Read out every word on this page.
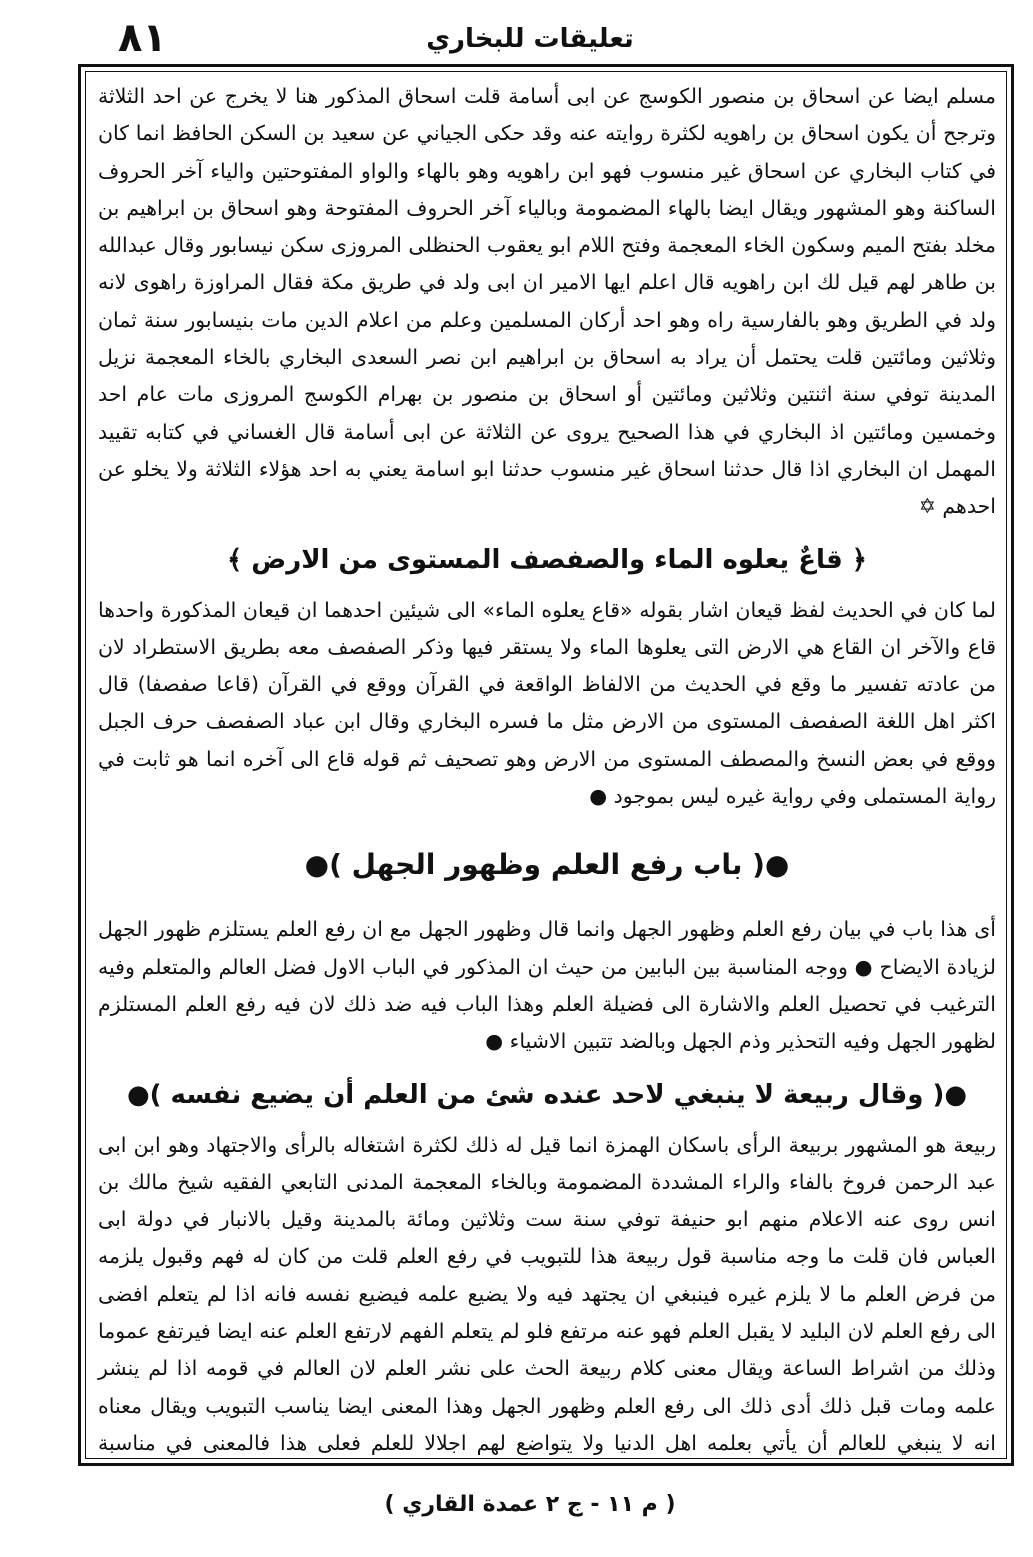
٨١	تعليقات للبخاري

مسلم ايضا عن اسحاق بن منصور الكوسج عن ابى أسامة قلت اسحاق المذكور هنا لا يخرج عن احد الثلاثة وترجح أن يكون اسحاق بن راهويه لكثرة روايته عنه وقد حكى الجياني عن سعيد بن السكن الحافظ انما كان في كتاب البخاري عن اسحاق غير منسوب فهو ابن راهويه وهو بالهاء والواو المفتوحتين والياء آخر الحروف الساكنة وهو المشهور ويقال ايضا بالهاء المضمومة وبالياء آخر الحروف المفتوحة وهو اسحاق بن ابراهيم بن مخلد بفتح الميم وسكون الخاء المعجمة وفتح اللام ابو يعقوب الحنظلى المروزى سكن نيسابور وقال عبدالله بن طاهر لهم قيل لك ابن راهويه قال اعلم ايها الامير ان ابى ولد في طريق مكة فقال المراوزة راهوى لانه ولد في الطريق وهو بالفارسية راه وهو احد أركان المسلمين وعلم من اعلام الدين مات بنيسابور سنة ثمان وثلاثين ومائتين قلت يحتمل أن يراد به اسحاق بن ابراهيم ابن نصر السعدى البخاري بالخاء المعجمة نزيل المدينة توفي سنة اثنتين وثلاثين ومائتين أو اسحاق بن منصور بن بهرام الكوسج المروزى مات عام احد وخمسين ومائتين اذ البخاري في هذا الصحيح يروى عن الثلاثة عن ابى أسامة قال الغساني في كتابه تقييد المهمل ان البخاري اذا قال حدثنا اسحاق غير منسوب حدثنا ابو اسامة يعني به احد هؤلاء الثلاثة ولا يخلو عن احدهم ✡

﴿ قاعٌ يعلوه الماء والصفصف المستوى من الارض ﴾

لما كان في الحديث لفظ قيعان اشار بقوله «قاع يعلوه الماء» الى شيئين احدهما ان قيعان المذكورة واحدها قاع والآخر ان القاع هي الارض التى يعلوها الماء ولا يستقر فيها وذكر الصفصف معه بطريق الاستطراد لان من عادته تفسير ما وقع في الحديث من الالفاظ الواقعة في القرآن ووقع في القرآن (قاعا صفصفا) قال اكثر اهل اللغة الصفصف المستوى من الارض مثل ما فسره البخاري وقال ابن عباد الصفصف حرف الجبل ووقع في بعض النسخ والمصطف المستوى من الارض وهو تصحيف ثم قوله قاع الى آخره انما هو ثابت في رواية المستملى وفي رواية غيره ليس بموجود ●

●( باب رفع العلم وظهور الجهل )●

أى هذا باب في بيان رفع العلم وظهور الجهل وانما قال وظهور الجهل مع ان رفع العلم يستلزم ظهور الجهل لزيادة الايضاح ● ووجه المناسبة بين البابين من حيث ان المذكور في الباب الاول فضل العالم والمتعلم وفيه الترغيب في تحصيل العلم والاشارة الى فضيلة العلم وهذا الباب فيه ضد ذلك لان فيه رفع العلم المستلزم لظهور الجهل وفيه التحذير وذم الجهل وبالضد تتبين الاشياء ●

●( وقال ربيعة لا ينبغي لاحد عنده شئ من العلم أن يضيع نفسه )●

ربيعة هو المشهور بربيعة الرأى باسكان الهمزة انما قيل له ذلك لكثرة اشتغاله بالرأى والاجتهاد وهو ابن ابى عبد الرحمن فروخ بالفاء والراء المشددة المضمومة وبالخاء المعجمة المدنى التابعي الفقيه شيخ مالك بن انس روى عنه الاعلام منهم ابو حنيفة توفي سنة ست وثلاثين ومائة بالمدينة وقيل بالانبار في دولة ابى العباس فان قلت ما وجه مناسبة قول ربيعة هذا للتبويب في رفع العلم قلت من كان له فهم وقبول يلزمه من فرض العلم ما لا يلزم غيره فينبغي ان يجتهد فيه ولا يضيع علمه فيضيع نفسه فانه اذا لم يتعلم افضى الى رفع العلم لان البليد لا يقبل العلم فهو عنه مرتفع فلو لم يتعلم الفهم لارتفع العلم عنه ايضا فيرتفع عموما وذلك من اشراط الساعة ويقال معنى كلام ربيعة الحث على نشر العلم لان العالم في قومه اذا لم ينشر علمه ومات قبل ذلك أدى ذلك الى رفع العلم وظهور الجهل وهذا المعنى ايضا يناسب التبويب ويقال معناه انه لا ينبغي للعالم أن يأتي بعلمه اهل الدنيا ولا يتواضع لهم اجلالا للعلم فعلى هذا فالمعنى في مناسبة

( م ١١ - ج ٢ عمدة القاري )
